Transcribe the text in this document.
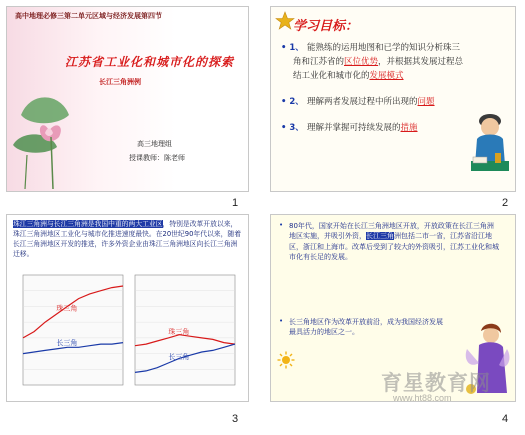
高中地理必修三第二单元区域与经济发展第四节
江苏省工业化和城市化的探索
长江三角洲例
高三地理组
授课教师：陈老师
1
学习目标：
• 1、 能熟练的运用地图和已学的知识分析珠三角和江苏省的区位优势，并根据其发展过程总结工业化和城市化的发展模式
• 2、 理解两者发展过程中所出现的问题
• 3、 理解并掌握可持续发展的措施
2
珠江三角洲与长江三角洲是我国中重的两大工业区，特别是改革开放以来，珠江三角洲地区工业化与城市化推进速度最快。在20世纪90年代以来，随着长江三角洲地区开发的推进，许多外资企业由珠江三角洲地区向长江三角洲迁移。
珠三角
长三角
珠三角
长三角
3
• 80年代，国家开始在长江三角洲地区开放，开放政策在长江三角洲地区实施，并吸引外资，长江三角洲包括二市一省，江苏省沿江地区，浙江和上海市。改革后受到了较大的外资吸引，江苏工业化和城市化有长足的发展。
• 长三角地区作为改革开放前沿，成为我国经济发展最具活力的地区之一。
育星教育网
www.ht88.com
4
